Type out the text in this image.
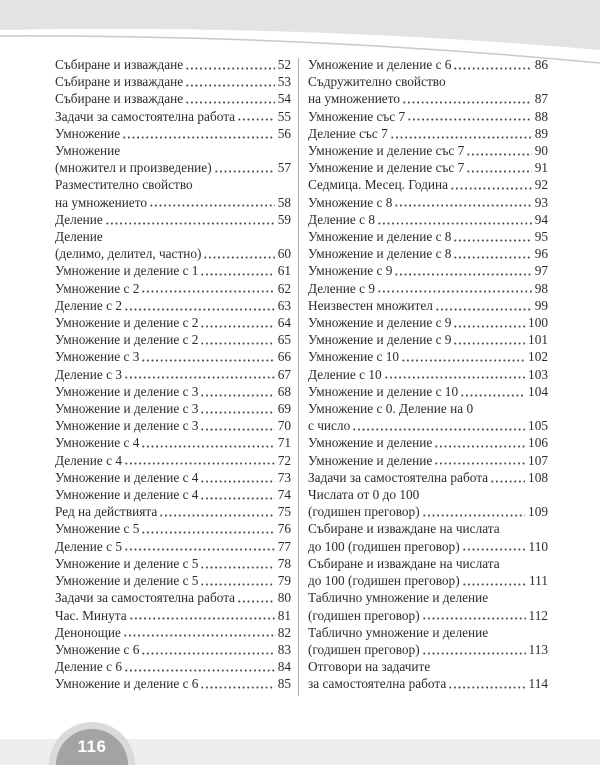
Събиране и изваждане	52
Събиране и изваждане	53
Събиране и изваждане	54
Задачи за самостоятелна работа	55
Умножение	56
Умножение
(множител и произведение)	57
Разместително свойство
на умножението	58
Деление	59
Деление
(делимо, делител, частно)	60
Умножение и деление с 1	61
Умножение с 2	62
Деление с 2	63
Умножение и деление с 2	64
Умножение и деление с 2	65
Умножение с 3	66
Деление с 3	67
Умножение и деление с 3	68
Умножение и деление с 3	69
Умножение и деление с 3	70
Умножение с 4	71
Деление с 4	72
Умножение и деление с 4	73
Умножение и деление с 4	74
Ред на действията	75
Умножение с 5	76
Деление с 5	77
Умножение и деление с 5	78
Умножение и деление с 5	79
Задачи за самостоятелна работа	80
Час. Минута	81
Денонощие	82
Умножение с 6	83
Деление с 6	84
Умножение и деление с 6	85
Умножение и деление с 6	86
Съдружително свойство
на умножението	87
Умножение със 7	88
Деление със 7	89
Умножение и деление със 7	90
Умножение и деление със 7	91
Седмица. Месец. Година	92
Умножение с 8	93
Деление с 8	94
Умножение и деление с 8	95
Умножение и деление с 8	96
Умножение с 9	97
Деление с 9	98
Неизвестен множител	99
Умножение и деление с 9	100
Умножение и деление с 9	101
Умножение с 10	102
Деление с 10	103
Умножение и деление с 10	104
Умножение с 0. Деление на 0
с число	105
Умножение и деление	106
Умножение и деление	107
Задачи за самостоятелна работа	108
Числата от 0 до 100
(годишен преговор)	109
Събиране и изваждане на числата
до 100 (годишен преговор)	110
Събиране и изваждане на числата
до 100 (годишен преговор)	111
Таблично умножение и деление
(годишен преговор)	112
Таблично умножение и деление
(годишен преговор)	113
Отговори на задачите
за самостоятелна работа	114
116
